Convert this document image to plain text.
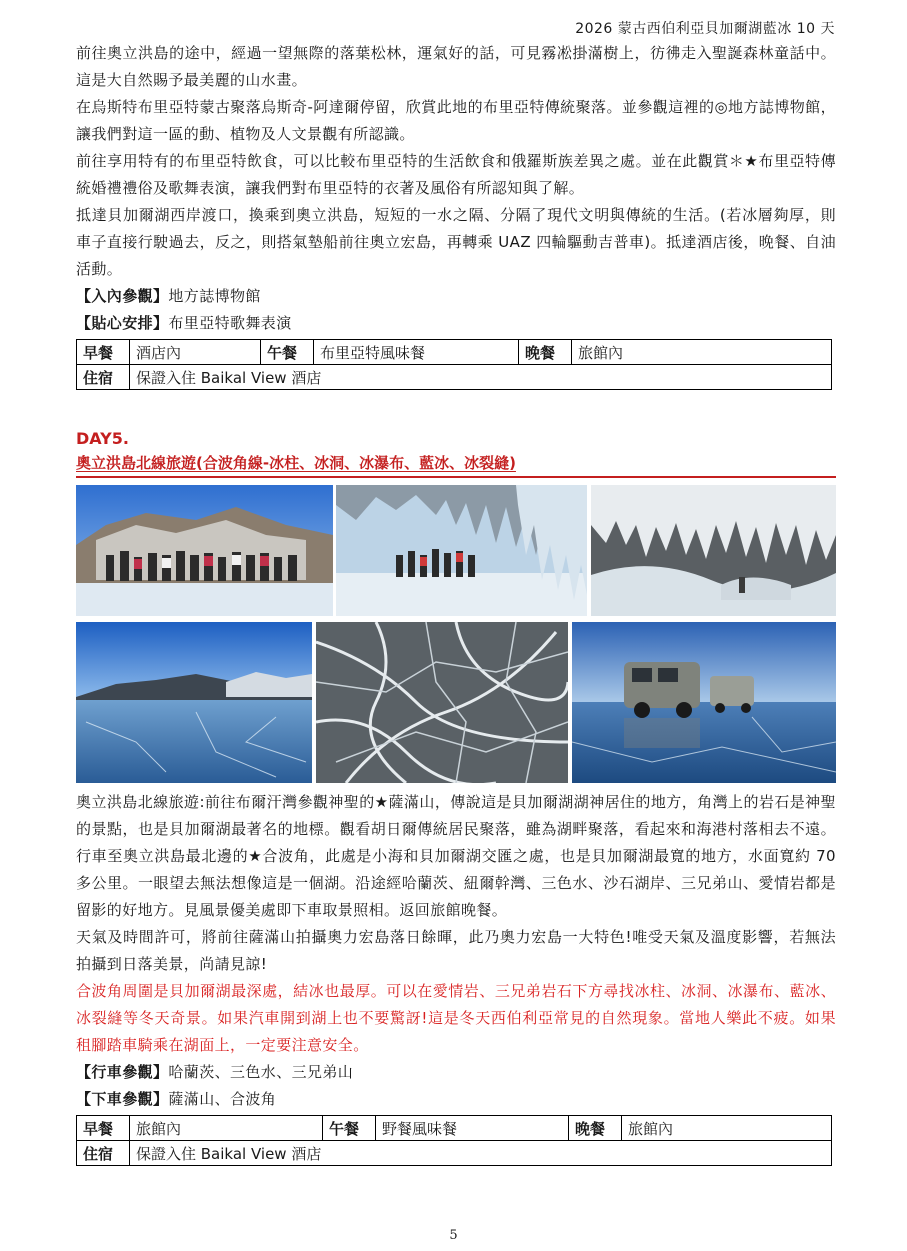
2026 蒙古西伯利亞貝加爾湖藍冰 10 天

前往奧立洪島的途中，經過一望無際的落葉松林，運氣好的話，可見霧凇掛滿樹上，彷彿走入聖誕森林童話中。這是大自然賜予最美麗的山水畫。

在烏斯特布里亞特蒙古聚落烏斯奇-阿達爾停留，欣賞此地的布里亞特傳統聚落。並參觀這裡的◎地方誌博物館，讓我們對這一區的動、植物及人文景觀有所認識。

前往享用特有的布里亞特飲食，可以比較布里亞特的生活飲食和俄羅斯族差異之處。並在此觀賞＊★布里亞特傳統婚禮禮俗及歌舞表演，讓我們對布里亞特的衣著及風俗有所認知與了解。

抵達貝加爾湖西岸渡口，換乘到奧立洪島，短短的一水之隔、分隔了現代文明與傳統的生活。(若冰層夠厚，則車子直接行駛過去，反之，則搭氣墊船前往奧立宏島，再轉乘 UAZ 四輪驅動吉普車)。抵達酒店後，晚餐、自油活動。

【入內參觀】地方誌博物館

【貼心安排】布里亞特歌舞表演

早餐	酒店內	午餐	布里亞特風味餐	晚餐	旅館內
住宿	保證入住 Baikal View 酒店				
DAY5.
奧立洪島北線旅遊(合波角線-冰柱、冰洞、冰瀑布、藍冰、冰裂縫)

奧立洪島北線旅遊:前往布爾汗灣參觀神聖的★薩滿山，傳說這是貝加爾湖湖神居住的地方，角灣上的岩石是神聖的景點，也是貝加爾湖最著名的地標。觀看胡日爾傳統居民聚落，雖為湖畔聚落，看起來和海港村落相去不遠。行車至奧立洪島最北邊的★合波角，此處是小海和貝加爾湖交匯之處，也是貝加爾湖最寬的地方，水面寬約 70 多公里。一眼望去無法想像這是一個湖。沿途經哈蘭茨、紐爾幹灣、三色水、沙石湖岸、三兄弟山、愛情岩都是留影的好地方。見風景優美處即下車取景照相。返回旅館晚餐。

天氣及時間許可，將前往薩滿山拍攝奧力宏島落日餘暉，此乃奧力宏島一大特色!唯受天氣及溫度影響，若無法拍攝到日落美景，尚請見諒!

合波角周圍是貝加爾湖最深處，結冰也最厚。可以在愛情岩、三兄弟岩石下方尋找冰柱、冰洞、冰瀑布、藍冰、冰裂縫等冬天奇景。如果汽車開到湖上也不要驚訝!這是冬天西伯利亞常見的自然現象。當地人樂此不疲。如果租腳踏車騎乘在湖面上，一定要注意安全。

【行車參觀】哈蘭茨、三色水、三兄弟山

【下車參觀】薩滿山、合波角

早餐	旅館內	午餐	野餐風味餐	晚餐	旅館內
住宿	保證入住 Baikal View 酒店				
5
